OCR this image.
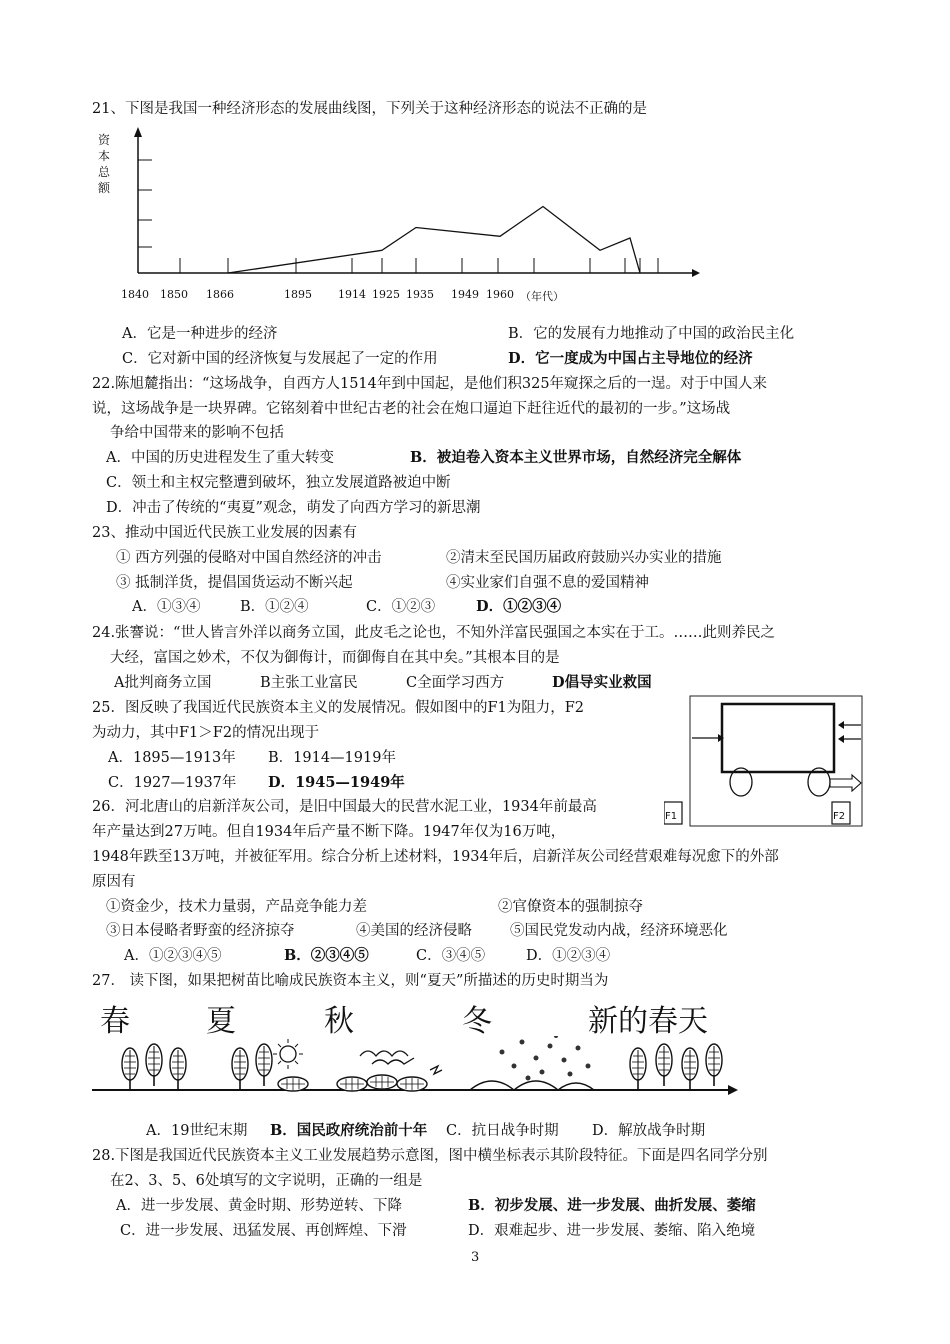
21、下图是我国一种经济形态的发展曲线图，下列关于这种经济形态的说法不正确的是
资
本
总
额
1840 1850 1866	1895 1914 1925 1935 1949 1960 （年代）
A．它是一种进步的经济	B．它的发展有力地推动了中国的政治民主化
C．它对新中国的经济恢复与发展起了一定的作用	D．它一度成为中国占主导地位的经济
22.陈旭麓指出：“这场战争，自西方人1514年到中国起，是他们积325年窥探之后的一逞。对于中国人来
说，这场战争是一块界碑。它铭刻着中世纪古老的社会在炮口逼迫下赶往近代的最初的一步。”这场战
争给中国带来的影响不包括
A．中国的历史进程发生了重大转变	B．被迫卷入资本主义世界市场，自然经济完全解体
C．领土和主权完整遭到破坏，独立发展道路被迫中断
D．冲击了传统的“夷夏”观念，萌发了向西方学习的新思潮
23、推动中国近代民族工业发展的因素有
① 西方列强的侵略对中国自然经济的冲击	②清末至民国历届政府鼓励兴办实业的措施
③ 抵制洋货，提倡国货运动不断兴起	④实业家们自强不息的爱国精神
A．①③④	B．①②④	C．①②③	D．①②③④
24.张謇说：“世人皆言外洋以商务立国，此皮毛之论也，不知外洋富民强国之本实在于工。……此则养民之
大经，富国之妙术，不仅为御侮计，而御侮自在其中矣。”其根本目的是
A批判商务立国	B主张工业富民	C全面学习西方	D倡导实业救国
25．图反映了我国近代民族资本主义的发展情况。假如图中的F1为阻力，F2
为动力，其中F1＞F2的情况出现于
A．1895—1913年 B．1914—1919年
C．1927—1937年 D．1945—1949年
F1	F2
26．河北唐山的启新洋灰公司，是旧中国最大的民营水泥工业，1934年前最高
年产量达到27万吨。但自1934年后产量不断下降。1947年仅为16万吨，
1948年跌至13万吨，并被征军用。综合分析上述材料，1934年后，启新洋灰公司经营艰难每况愈下的外部
原因有
①资金少，技术力量弱，产品竞争能力差	②官僚资本的强制掠夺
③日本侵略者野蛮的经济掠夺	④美国的经济侵略	⑤国民党发动内战，经济环境恶化
A．①②③④⑤	B．②③④⑤	C．③④⑤	D．①②③④
27． 读下图，如果把树苗比喻成民族资本主义，则“夏天”所描述的历史时期当为
春	夏	秋	冬	新的春天
A．19世纪末期 B．国民政府统治前十年 C．抗日战争时期 D．解放战争时期
28.下图是我国近代民族资本主义工业发展趋势示意图，图中横坐标表示其阶段特征。下面是四名同学分别
在2、3、5、6处填写的文字说明，正确的一组是
A．进一步发展、黄金时期、形势逆转、下降	B．初步发展、进一步发展、曲折发展、萎缩
C．进一步发展、迅猛发展、再创辉煌、下滑	D．艰难起步、进一步发展、萎缩、陷入绝境
3
